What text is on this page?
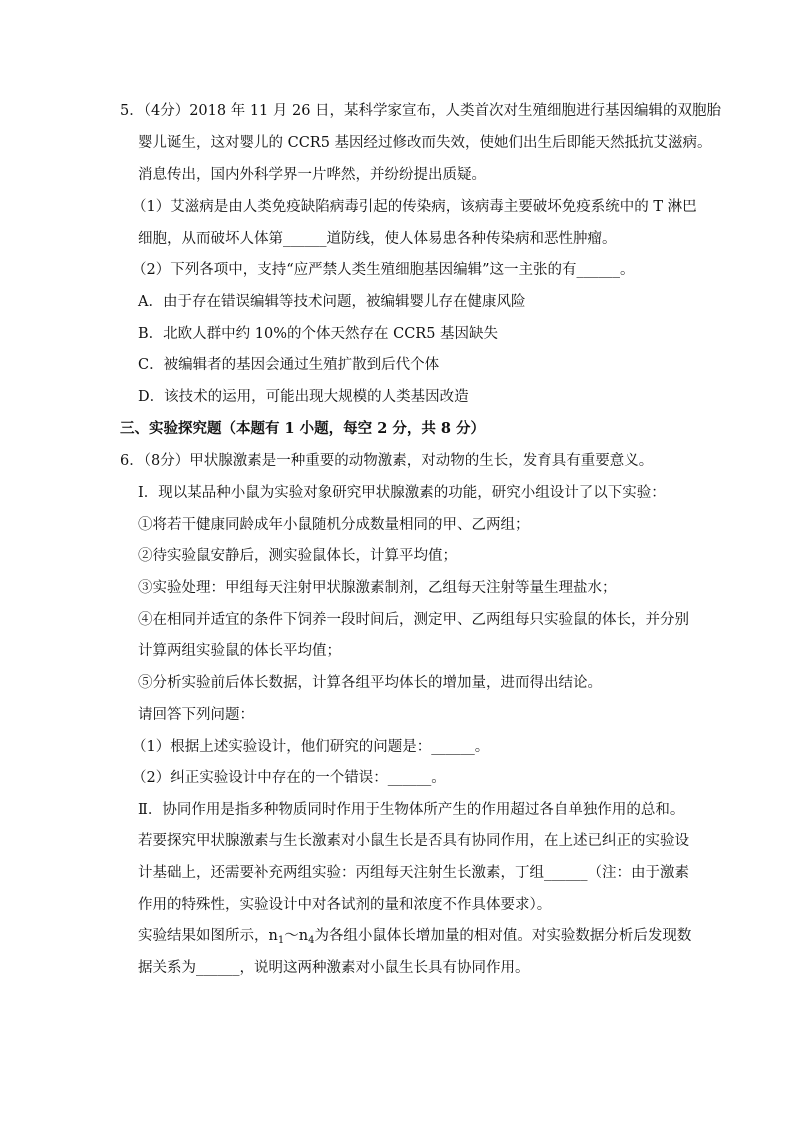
5．（4分）2018 年 11 月 26 日，某科学家宣布，人类首次对生殖细胞进行基因编辑的双胞胎
婴儿诞生，这对婴儿的 CCR5 基因经过修改而失效，使她们出生后即能天然抵抗艾滋病。
消息传出，国内外科学界一片哗然，并纷纷提出质疑。
（1）艾滋病是由人类免疫缺陷病毒引起的传染病，该病毒主要破坏免疫系统中的 T 淋巴
细胞，从而破坏人体第______道防线，使人体易患各种传染病和恶性肿瘤。
（2）下列各项中，支持“应严禁人类生殖细胞基因编辑”这一主张的有______。
A．由于存在错误编辑等技术问题，被编辑婴儿存在健康风险
B．北欧人群中约 10%的个体天然存在 CCR5 基因缺失
C．被编辑者的基因会通过生殖扩散到后代个体
D．该技术的运用，可能出现大规模的人类基因改造
三、实验探究题（本题有 1 小题，每空 2 分，共 8 分）
6．（8分）甲状腺激素是一种重要的动物激素，对动物的生长，发育具有重要意义。
Ⅰ．现以某品种小鼠为实验对象研究甲状腺激素的功能，研究小组设计了以下实验：
①将若干健康同龄成年小鼠随机分成数量相同的甲、乙两组；
②待实验鼠安静后，测实验鼠体长，计算平均值；
③实验处理：甲组每天注射甲状腺激素制剂，乙组每天注射等量生理盐水；
④在相同并适宜的条件下饲养一段时间后，测定甲、乙两组每只实验鼠的体长，并分别
计算两组实验鼠的体长平均值；
⑤分析实验前后体长数据，计算各组平均体长的增加量，进而得出结论。
请回答下列问题：
（1）根据上述实验设计，他们研究的问题是：______。
（2）纠正实验设计中存在的一个错误：______。
Ⅱ．协同作用是指多种物质同时作用于生物体所产生的作用超过各自单独作用的总和。
若要探究甲状腺激素与生长激素对小鼠生长是否具有协同作用，在上述已纠正的实验设
计基础上，还需要补充两组实验：丙组每天注射生长激素，丁组______（注：由于激素
作用的特殊性，实验设计中对各试剂的量和浓度不作具体要求）。
实验结果如图所示，$n_1\sim n_4$为各组小鼠体长增加量的相对值。对实验数据分析后发现数
据关系为______，说明这两种激素对小鼠生长具有协同作用。
